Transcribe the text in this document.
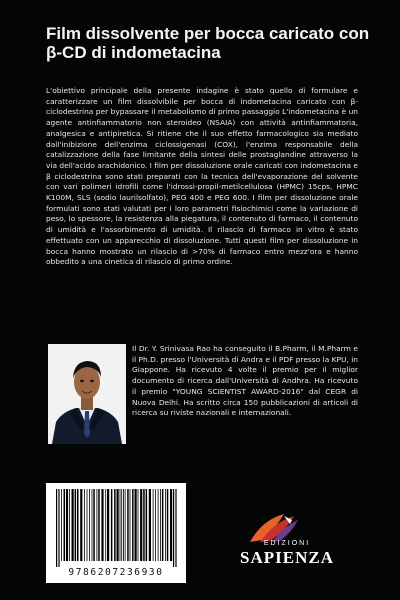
Film dissolvente per bocca caricato con β-CD di indometacina
L'obiettivo principale della presente indagine è stato quello di formulare e caratterizzare un film dissolvibile per bocca di indometacina caricato con β-ciclodestrina per bypassare il metabolismo di primo passaggio L'indometacina è un agente antinfiammatorio non steroideo (NSAIA) con attività antinfiammatoria, analgesica e antipiretica. Si ritiene che il suo effetto farmacologico sia mediato dall'inibizione dell'enzima ciclossigenasi (COX), l'enzima responsabile della catalizzazione della fase limitante della sintesi delle prostaglandine attraverso la via dell'acido arachidonico. I film per dissoluzione orale caricati con indometacina e β ciclodestrina sono stati preparati con la tecnica dell'evaporazione del solvente con vari polimeri idrofili come l'idrossi-propil-metilcellulosa (HPMC) 15cps, HPMC K100M, SLS (sodio laurilsolfato), PEG 400 e PEG 600. I film per dissoluzione orale formulati sono stati valutati per i loro parametri fisiochimici come la variazione di peso, lo spessore, la resistenza alla piegatura, il contenuto di farmaco, il contenuto di umidità e l'assorbimento di umidità. Il rilascio di farmaco in vitro è stato effettuato con un apparecchio di dissoluzione. Tutti questi film per dissoluzione in bocca hanno mostrato un rilascio di >70% di farmaco entro mezz'ora e hanno obbedito a una cinetica di rilascio di primo ordine.
Il Dr. Y. Srinivasa Rao ha conseguito il B.Pharm, il M.Pharm e il Ph.D. presso l'Università di Andra e il PDF presso la KPU, in Giappone. Ha ricevuto 4 volte il premio per il miglior documento di ricerca dall'Università di Andhra. Ha ricevuto il premio "YOUNG SCIENTIST AWARD-2016" dal CEGR di Nuova Delhi. Ha scritto circa 150 pubblicazioni di articoli di ricerca su riviste nazionali e internazionali.
9786207236930
EDIZIONI
SAPIENZA
